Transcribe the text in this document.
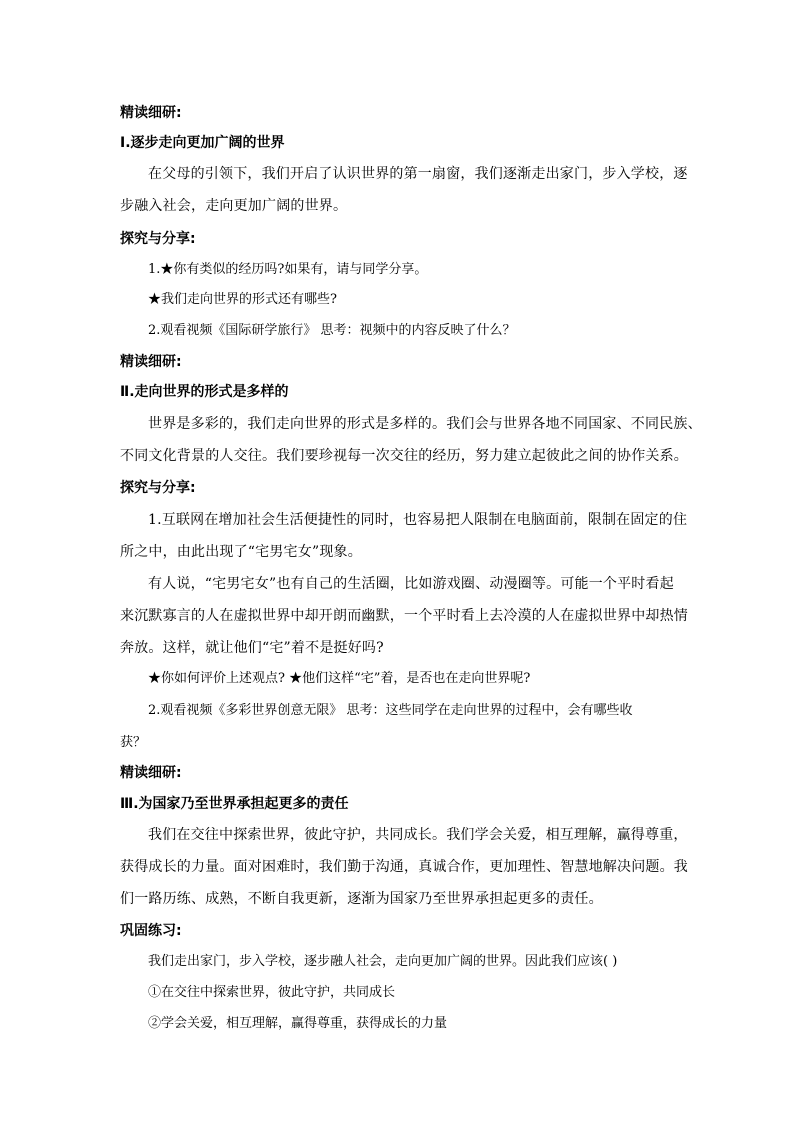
精读细研:
Ⅰ.逐步走向更加广阔的世界
在父母的引领下，我们开启了认识世界的第一扇窗，我们逐渐走出家门，步入学校，逐
步融入社会，走向更加广阔的世界。
探究与分享:
1.★你有类似的经历吗?如果有，请与同学分享。
★我们走向世界的形式还有哪些?
2.观看视频《国际研学旅行》 思考：视频中的内容反映了什么？
精读细研:
Ⅱ.走向世界的形式是多样的
世界是多彩的，我们走向世界的形式是多样的。我们会与世界各地不同国家、不同民族、
不同文化背景的人交往。我们要珍视每一次交往的经历，努力建立起彼此之间的协作关系。
探究与分享:
1.互联网在增加社会生活便捷性的同时，也容易把人限制在电脑面前，限制在固定的住
所之中，由此出现了“宅男宅女”现象。
有人说，“宅男宅女”也有自己的生活圈，比如游戏圈、动漫圈等。可能一个平时看起
来沉默寡言的人在虚拟世界中却开朗而幽默，一个平时看上去冷漠的人在虚拟世界中却热情
奔放。这样，就让他们“宅”着不是挺好吗?
★你如何评价上述观点? ★他们这样“宅”着，是否也在走向世界呢?
2.观看视频《多彩世界创意无限》 思考：这些同学在走向世界的过程中，会有哪些收
获？
精读细研:
Ⅲ.为国家乃至世界承担起更多的责任
我们在交往中探索世界，彼此守护，共同成长。我们学会关爱，相互理解，赢得尊重，
获得成长的力量。面对困难时，我们勤于沟通，真诚合作，更加理性、智慧地解决问题。我
们一路历练、成熟，不断自我更新，逐渐为国家乃至世界承担起更多的责任。
巩固练习:
我们走出家门，步入学校，逐步融人社会，走向更加广阔的世界。因此我们应该( )
①在交往中探索世界，彼此守护，共同成长
②学会关爱，相互理解，赢得尊重，获得成长的力量
